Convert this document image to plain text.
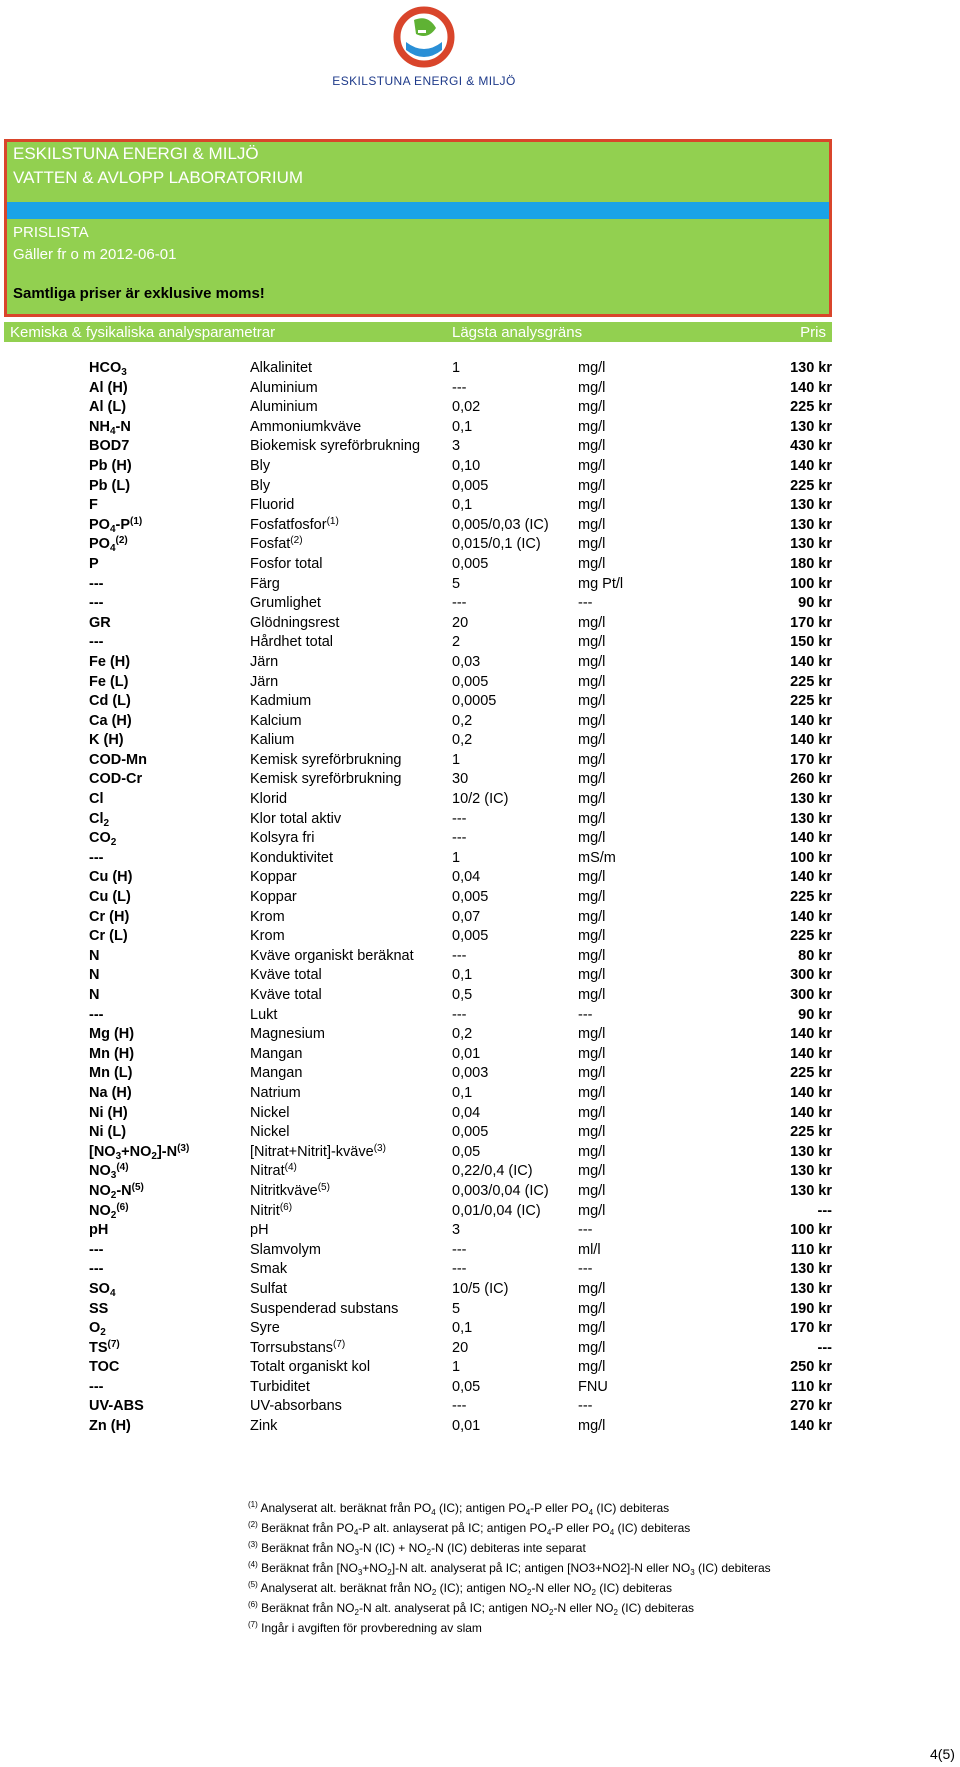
ESKILSTUNA ENERGI & MILJÖ
ESKILSTUNA ENERGI & MILJÖ
VATTEN & AVLOPP LABORATORIUM
PRISLISTA
Gäller fr o m 2012-06-01
Samtliga priser är exklusive moms!
Kemiska & fysikaliska analysparametrar	Lägsta analysgräns	Pris
$HCO_3$	Alkalinitet	1	mg/l	130 kr
Al (H)	Aluminium	---	mg/l	140 kr
Al (L)	Aluminium	0,02	mg/l	225 kr
$NH_4-N$	Ammoniumkväve	0,1	mg/l	130 kr
BOD7	Biokemisk syreförbrukning 3	mg/l	430 kr
Pb (H)	Bly	0,10	mg/l	140 kr
Pb (L)	Bly	0,005	mg/l	225 kr
F	Fluorid	0,1	mg/l	130 kr
$PO_4-P^{(1)}$	Fosfatfosfor$^{(1)}$	0,005/0,03 (IC) mg/l	130 kr
$PO_4^{(2)}$	Fosfat$^{(2)}$	0,015/0,1 (IC)	mg/l	130 kr
P	Fosfor total	0,005	mg/l	180 kr
---	Färg	5	mg Pt/l	100 kr
---	Grumlighet	---	---	90 kr
GR	Glödningsrest	20	mg/l	170 kr
---	Hårdhet total	2	mg/l	150 kr
Fe (H)	Järn	0,03	mg/l	140 kr
Fe (L)	Järn	0,005	mg/l	225 kr
Cd (L)	Kadmium	0,0005	mg/l	225 kr
Ca (H)	Kalcium	0,2	mg/l	140 kr
K (H)	Kalium	0,2	mg/l	140 kr
COD-Mn	Kemisk syreförbrukning	1	mg/l	170 kr
COD-Cr	Kemisk syreförbrukning	30	mg/l	260 kr
Cl	Klorid	10/2 (IC)	mg/l	130 kr
$Cl_2$	Klor total aktiv	---	mg/l	130 kr
$CO_2$	Kolsyra fri	---	mg/l	140 kr
---	Konduktivitet	1	mS/m	100 kr
Cu (H)	Koppar	0,04	mg/l	140 kr
Cu (L)	Koppar	0,005	mg/l	225 kr
Cr (H)	Krom	0,07	mg/l	140 kr
Cr (L)	Krom	0,005	mg/l	225 kr
N	Kväve organiskt beräknat	---	mg/l	80 kr
N	Kväve total	0,1	mg/l	300 kr
N	Kväve total	0,5	mg/l	300 kr
---	Lukt	---	---	90 kr
Mg (H)	Magnesium	0,2	mg/l	140 kr
Mn (H)	Mangan	0,01	mg/l	140 kr
Mn (L)	Mangan	0,003	mg/l	225 kr
Na (H)	Natrium	0,1	mg/l	140 kr
Ni (H)	Nickel	0,04	mg/l	140 kr
Ni (L)	Nickel	0,005	mg/l	225 kr
$[NO_3+NO_2]-N^{(3)}$	[Nitrat+Nitrit]-kväve$^{(3)}$	0,05	mg/l	130 kr
$NO_3^{(4)}$	Nitrat$^{(4)}$	0,22/0,4 (IC)	mg/l	130 kr
$NO_2-N^{(5)}$	Nitritkväve$^{(5)}$	0,003/0,04 (IC) mg/l	130 kr
$NO_2^{(6)}$	Nitrit$^{(6)}$	0,01/0,04 (IC)	mg/l	---
pH	pH	3	---	100 kr
---	Slamvolym	---	ml/l	110 kr
---	Smak	---	---	130 kr
$SO_4$	Sulfat	10/5 (IC)	mg/l	130 kr
SS	Suspenderad substans	5	mg/l	190 kr
$O_2$	Syre	0,1	mg/l	170 kr
TS$^{(7)}$	Torrsubstans$^{(7)}$	20	mg/l	---
TOC	Totalt organiskt kol	1	mg/l	250 kr
---	Turbiditet	0,05	FNU	110 kr
UV-ABS	UV-absorbans	---	---	270 kr
Zn (H)	Zink	0,01	mg/l	140 kr
$^{(1)}$ Analyserat alt. beräknat från $PO_4$ (IC); antigen $PO_4-P$ eller $PO_4$ (IC) debiteras
$^{(2)}$ Beräknat från $PO_4-P$ alt. anlayserat på IC; antigen $PO_4-P$ eller $PO_4$ (IC) debiteras
$^{(3)}$ Beräknat från $NO_3-N$ $(IC) + NO_2-N$ (IC) debiteras inte separat
$^{(4)}$ Beräknat från $[NO_3+NO_2]-N$ alt. analyserat på IC; antigen [NO3+NO2]-N eller $NO_3$ (IC) debiteras
$^{(5)}$ Analyserat alt. beräknat från $NO_2$ (IC); antigen $NO_2-N$ eller $NO_2$ (IC) debiteras
$^{(6)}$ Beräknat från $NO_2-N$ alt. analyserat på IC; antigen $NO_2-N$ eller $NO_2$ (IC) debiteras
$^{(7)}$ Ingår i avgiften för provberedning av slam
4(5)
